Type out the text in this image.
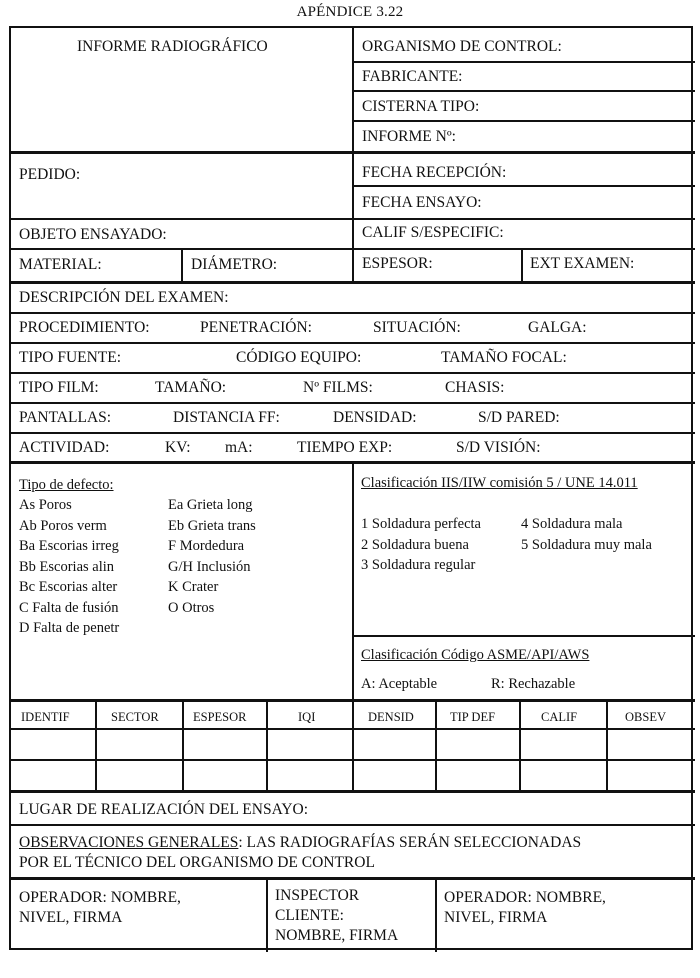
APÉNDICE 3.22
INFORME RADIOGRÁFICO	ORGANISMO DE CONTROL:
FABRICANTE:
CISTERNA TIPO:
INFORME Nº:
PEDIDO:	FECHA RECEPCIÓN:
FECHA ENSAYO:
OBJETO ENSAYADO:	CALIF S/ESPECIFIC:
MATERIAL:	DIÁMETRO:	ESPESOR:	EXT EXAMEN:
DESCRIPCIÓN DEL EXAMEN:
PROCEDIMIENTO:	PENETRACIÓN:	SITUACIÓN:	GALGA:
TIPO FUENTE:	CÓDIGO EQUIPO:	TAMAÑO FOCAL:
TIPO FILM:	TAMAÑO:	Nº FILMS:	CHASIS:
PANTALLAS:	DISTANCIA FF:	DENSIDAD:	S/D PARED:
ACTIVIDAD:	KV: mA:	TIEMPO EXP:	S/D VISIÓN:
Tipo de defecto:
As Poros
Ab Poros verm
Ba Escorias irreg
Bb Escorias alin
Bc Escorias alter
C Falta de fusión
D Falta de penetr
Ea Grieta long
Eb Grieta trans
F Mordedura
G/H Inclusión
K Crater
O Otros
Clasificación IIS/IIW comisión 5 / UNE 14.011
1 Soldadura perfecta
2 Soldadura buena
3 Soldadura regular
4 Soldadura mala
5 Soldadura muy mala
Clasificación Código ASME/API/AWS
A: Aceptable	R: Rechazable
IDENTIF	SECTOR	ESPESOR	IQI	DENSID	TIP DEF	CALIF	OBSEV
LUGAR DE REALIZACIÓN DEL ENSAYO:
OBSERVACIONES GENERALES: LAS RADIOGRAFÍAS SERÁN SELECCIONADAS
POR EL TÉCNICO DEL ORGANISMO DE CONTROL
OPERADOR: NOMBRE,
NIVEL, FIRMA
INSPECTOR
CLIENTE:
NOMBRE, FIRMA
OPERADOR: NOMBRE,
NIVEL, FIRMA
